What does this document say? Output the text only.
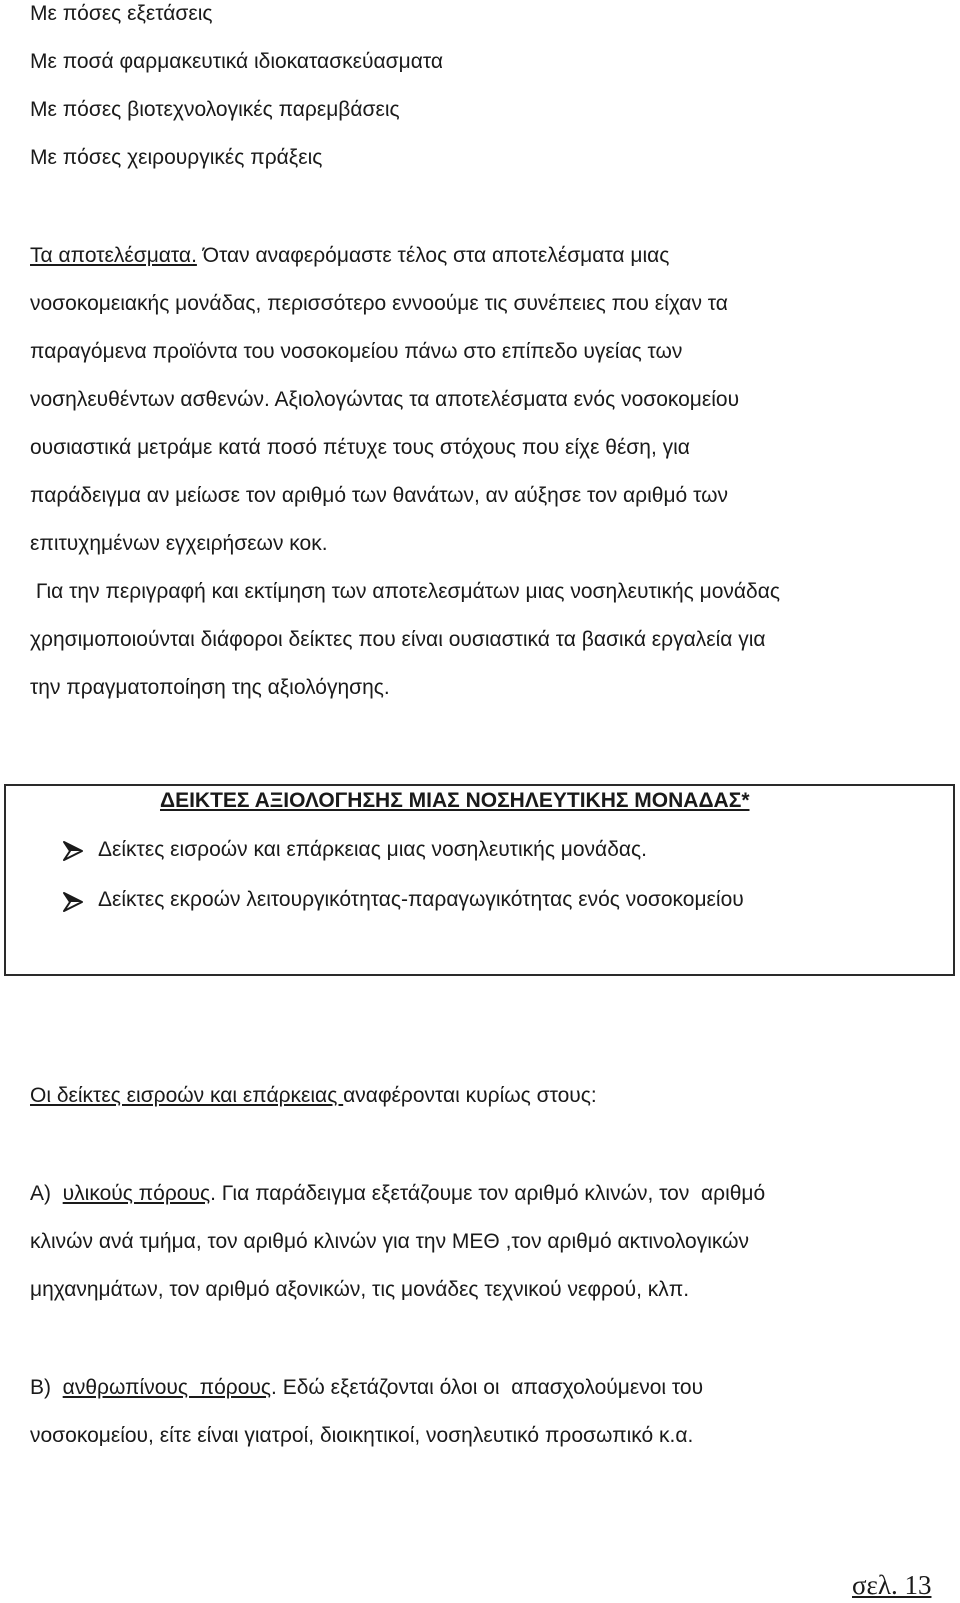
Με πόσες εξετάσεις
Με ποσά φαρμακευτικά ιδιοκατασκεύασματα
Με πόσες βιοτεχνολογικές παρεμβάσεις
Με πόσες χειρουργικές πράξεις
Τα αποτελέσματα. Όταν αναφερόμαστε τέλος στα αποτελέσματα μιας
νοσοκομειακής μονάδας, περισσότερο εννοούμε τις συνέπειες που είχαν τα
παραγόμενα προϊόντα του νοσοκομείου πάνω στο επίπεδο υγείας των
νοσηλευθέντων ασθενών. Αξιολογώντας τα αποτελέσματα ενός νοσοκομείου
ουσιαστικά μετράμε κατά ποσό πέτυχε τους στόχους που είχε θέση, για
παράδειγμα αν μείωσε τον αριθμό των θανάτων, αν αύξησε τον αριθμό των
επιτυχημένων εγχειρήσεων κοκ.
Για την περιγραφή και εκτίμηση των αποτελεσμάτων μιας νοσηλευτικής μονάδας
χρησιμοποιούνται διάφοροι δείκτες που είναι ουσιαστικά τα βασικά εργαλεία για
την πραγματοποίηση της αξιολόγησης.
ΔΕΙΚΤΕΣ ΑΞΙΟΛΟΓΗΣΗΣ ΜΙΑΣ ΝΟΣΗΛΕΥΤΙΚΗΣ ΜΟΝΑΔΑΣ*
Δείκτες εισροών και επάρκειας μιας νοσηλευτικής μονάδας.
Δείκτες εκροών λειτουργικότητας-παραγωγικότητας ενός νοσοκομείου
Οι δείκτες εισροών και επάρκειας αναφέρονται κυρίως στους:
Α)  υλικούς πόρους. Για παράδειγμα εξετάζουμε τον αριθμό κλινών, τον  αριθμό
κλινών ανά τμήμα, τον αριθμό κλινών για την ΜΕΘ ,τον αριθμό ακτινολογικών
μηχανημάτων, τον αριθμό αξονικών, τις μονάδες τεχνικού νεφρού, κλπ.
Β)  ανθρωπίνους  πόρους. Εδώ εξετάζονται όλοι οι  απασχολούμενοι του
νοσοκομείου, είτε είναι γιατροί, διοικητικοί, νοσηλευτικό προσωπικό κ.α.
σελ. 13
